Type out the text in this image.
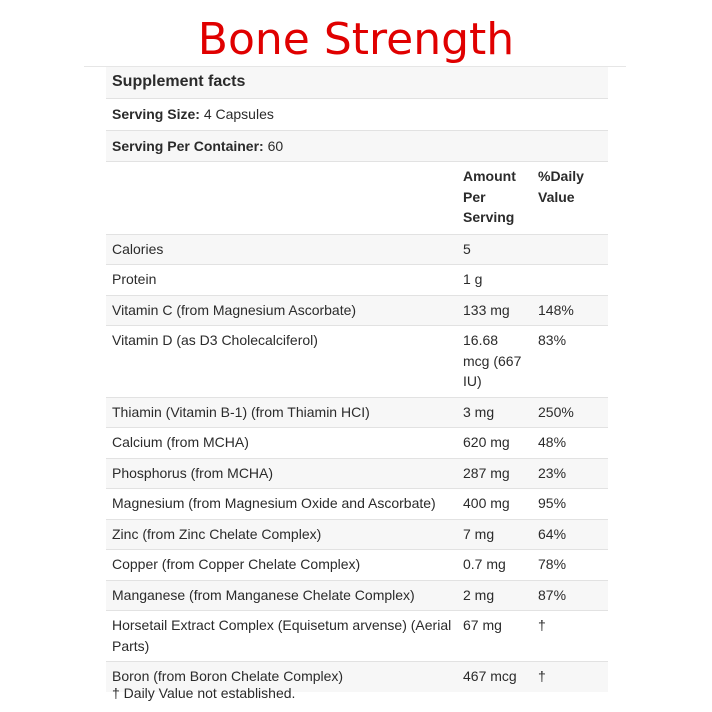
Bone Strength
Supplement facts		
Serving Size: 4 Capsules		
Serving Per Container: 60		
	Amount Per Serving	%Daily Value
Calories	5	
Protein	1 g	
Vitamin C (from Magnesium Ascorbate)	133 mg	148%
Vitamin D (as D3 Cholecalciferol)	16.68 mcg (667 IU)	83%
Thiamin (Vitamin B-1) (from Thiamin HCI)	3 mg	250%
Calcium (from MCHA)	620 mg	48%
Phosphorus (from MCHA)	287 mg	23%
Magnesium (from Magnesium Oxide and Ascorbate)	400 mg	95%
Zinc (from Zinc Chelate Complex)	7 mg	64%
Copper (from Copper Chelate Complex)	0.7 mg	78%
Manganese (from Manganese Chelate Complex)	2 mg	87%
Horsetail Extract Complex (Equisetum arvense) (Aerial Parts)	67 mg	†
Boron (from Boron Chelate Complex)	467 mcg	†
† Daily Value not established.
